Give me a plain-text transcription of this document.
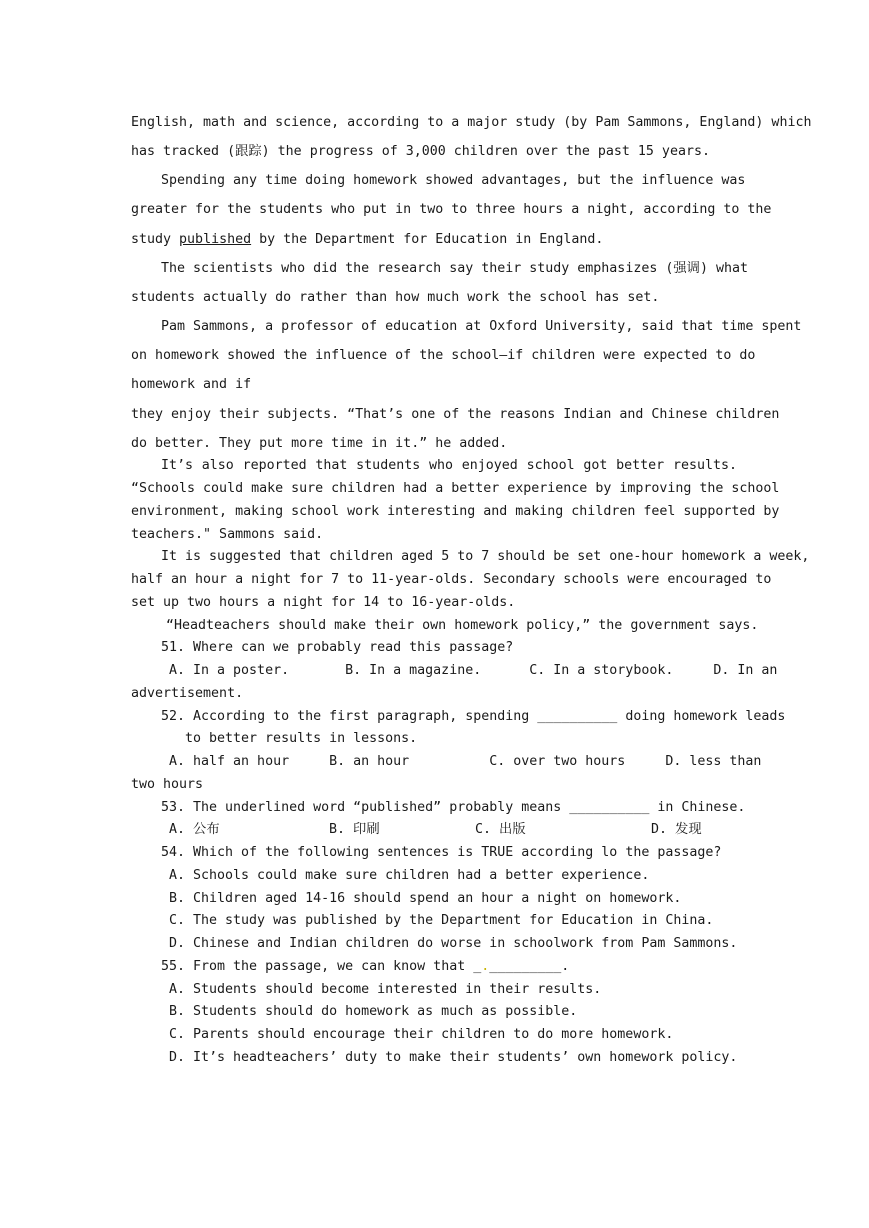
English, math and science, according to a major study (by Pam Sammons, England) which
has tracked (跟踪) the progress of 3,000 children over the past 15 years.
Spending any time doing homework showed advantages, but the influence was
greater for the students who put in two to three hours a night, according to the
study published by the Department for Education in England.
The scientists who did the research say their study emphasizes (强调) what
students actually do rather than how much work the school has set.
Pam Sammons, a professor of education at Oxford University, said that time spent
on homework showed the influence of the school—if children were expected to do
homework and if
they enjoy their subjects. “That’s one of the reasons Indian and Chinese children
do better. They put more time in it.” he added.
It’s also reported that students who enjoyed school got better results.
“Schools could make sure children had a better experience by improving the school
environment, making school work interesting and making children feel supported by
teachers." Sammons said.
It is suggested that children aged 5 to 7 should be set one-hour homework a week,
half an hour a night for 7 to 11-year-olds. Secondary schools were encouraged to
set up two hours a night for 14 to 16-year-olds.
“Headteachers should make their own homework policy,” the government says.
51. Where can we probably read this passage?
A. In a poster.       B. In a magazine.      C. In a storybook.     D. In an
advertisement.
52. According to the first paragraph, spending __________ doing homework leads
to better results in lessons.
A. half an hour     B. an hour          C. over two hours     D. less than
two hours
53. The underlined word “published” probably means __________ in Chinese.
A. 公布	B. 印刷	C. 出版	D. 发现
54. Which of the following sentences is TRUE according lo the passage?
A. Schools could make sure children had a better experience.
B. Children aged 14-16 should spend an hour a night on homework.
C. The study was published by the Department for Education in China.
D. Chinese and Indian children do worse in schoolwork from Pam Sammons.
55. From the passage, we can know that _._________.
A. Students should become interested in their results.
B. Students should do homework as much as possible.
C. Parents should encourage their children to do more homework.
D. It’s headteachers’ duty to make their students’ own homework policy.
